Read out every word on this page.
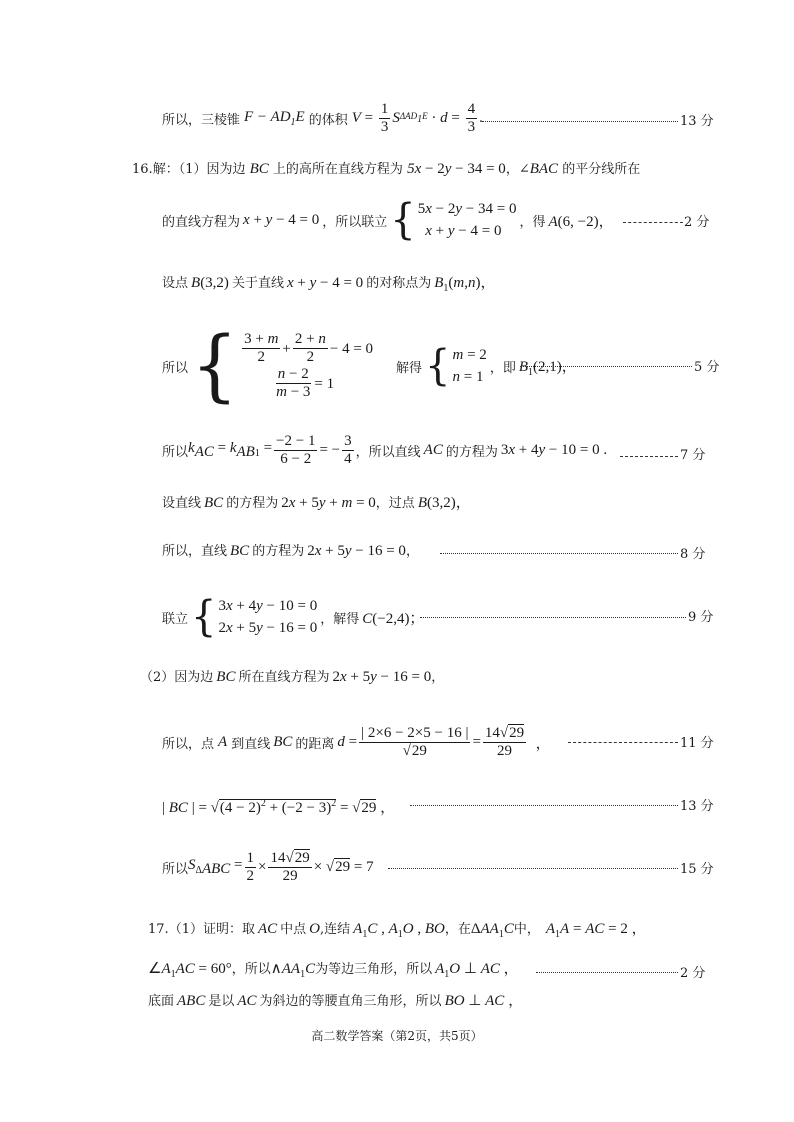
所以，三棱锥 $F - AD_1E$ 的体积 $V = \frac{1}{3}$ S $\Delta AD_1E \cdot d = \frac{4}{3}$ .	13 分
16.解：（1）因为边 BC 上的高所在直线方程为 5x − 2y − 34 = 0，∠BAC 的平分线所在
的直线方程为 x + y − 4 = 0 ，所以联立 { 5x − 2y − 34 = 0
x + y − 4 = 0
，得 A(6, −2)，	2 分
设点 B(3,2) 关于直线 x + y − 4 = 0 的对称点为 $B_1(m,n)$，
所以 { $\frac{3 + m}{2} + \frac{2 + n}{2} - 4 = 0$
$\frac{n - 2}{m - 3} = 1$
解得 { m = 2
n = 1
，即 $B_1(2,1)$，	5 分
所以 $k_{AC} = k_{AB1} = \frac{-2 - 1}{6 - 2}$ = − $\frac{3}{4}$ ，所以直线 AC 的方程为 3x + 4y − 10 = 0 .	7 分
设直线 BC 的方程为 2x + 5y + m = 0，过点 B(3,2)，
所以，直线 BC 的方程为 2x + 5y − 16 = 0，	8 分
联立 { 3x + 4y − 10 = 0
2x + 5y − 16 = 0
，解得 C(−2,4)；	9 分
（2）因为边 BC 所在直线方程为 2x + 5y − 16 = 0，
所以，点 A 到直线 BC 的距离 $d = \frac{| 2\times 6 - 2\times 5 - 16 |}{√29} = \frac{14√29}{29}$ ，	11 分
| BC | = $√(4 - 2)^2 + (-2 - 3)^2 = √29$ ，	13 分
所以 $S_{\Delta ABC} = \frac{1}{2} \times \frac{14√29}{29} \times √29 = 7$	15 分
17.（1）证明：取 AC 中点 O,连结 $A_1C$ , $A_1O$ , BO，在$\Delta AA_1C$中， $A_1A$ = AC = 2 ，
$\angle A_1AC = 60^\circ$，所以$\wedge AA_1C$为等边三角形，所以 $A_1O$ ⊥ AC ，	2 分
底面 ABC 是以 AC 为斜边的等腰直角三角形，所以 BO ⊥ AC ，
高二数学答案（第2页，共5页）
